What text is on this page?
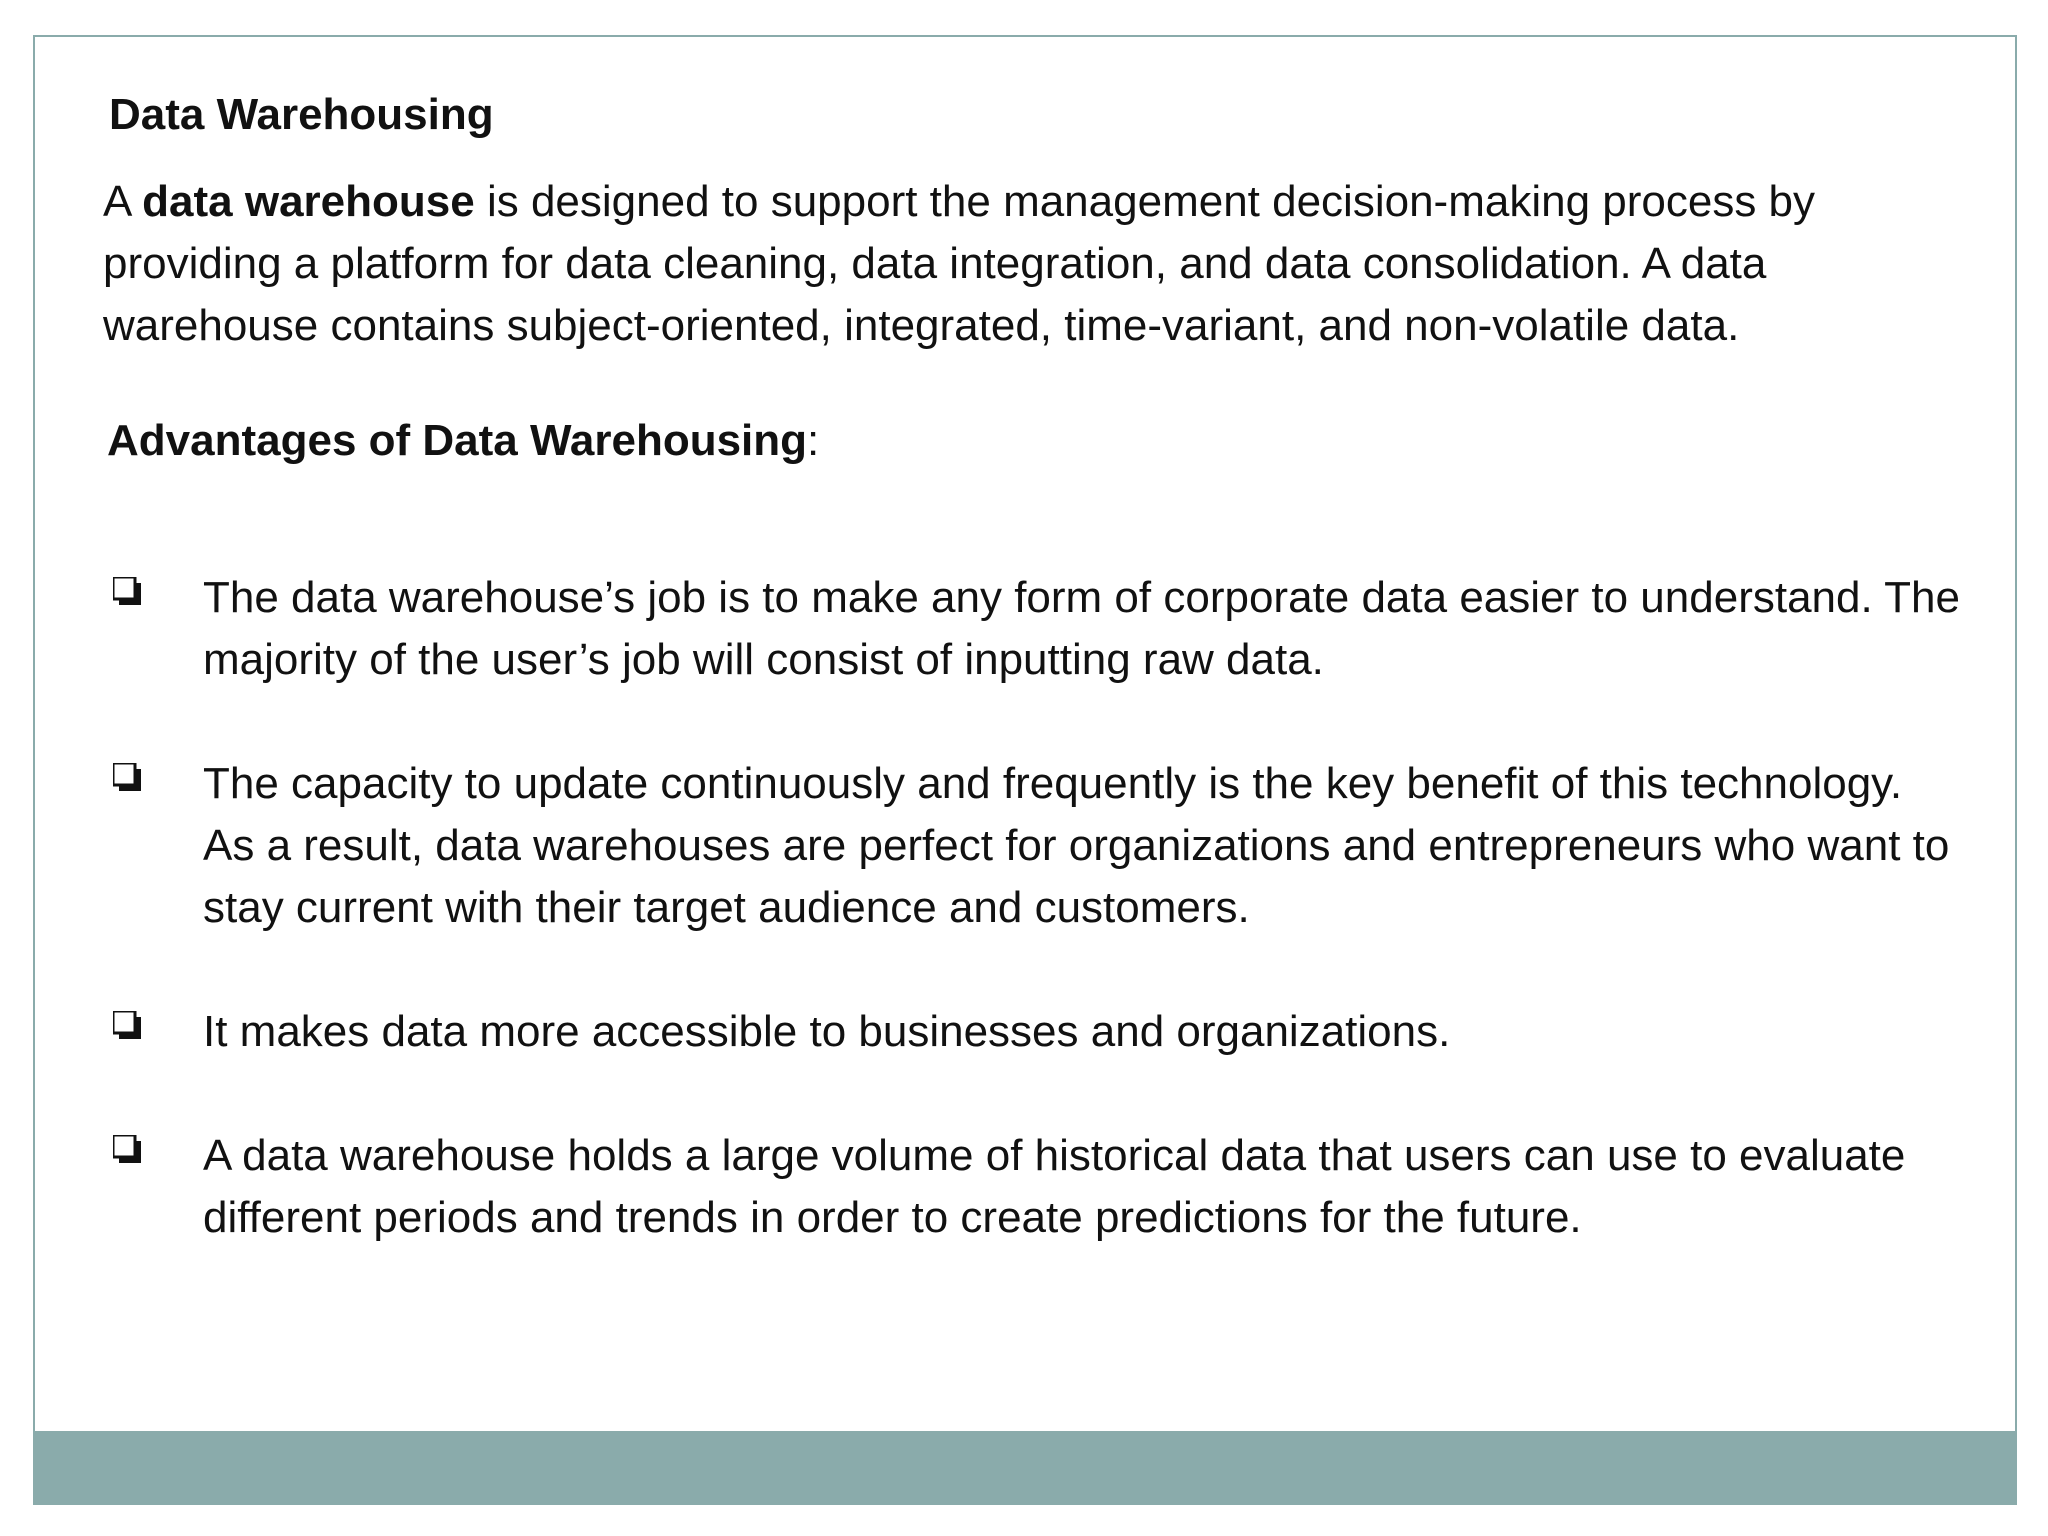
Data Warehousing
A data warehouse is designed to support the management decision-making process by providing a platform for data cleaning, data integration, and data consolidation. A data warehouse contains subject-oriented, integrated, time-variant, and non-volatile data.
Advantages of Data Warehousing:
The data warehouse’s job is to make any form of corporate data easier to understand. The majority of the user’s job will consist of inputting raw data.
The capacity to update continuously and frequently is the key benefit of this technology. As a result, data warehouses are perfect for organizations and entrepreneurs who want to stay current with their target audience and customers.
It makes data more accessible to businesses and organizations.
A data warehouse holds a large volume of historical data that users can use to evaluate different periods and trends in order to create predictions for the future.
